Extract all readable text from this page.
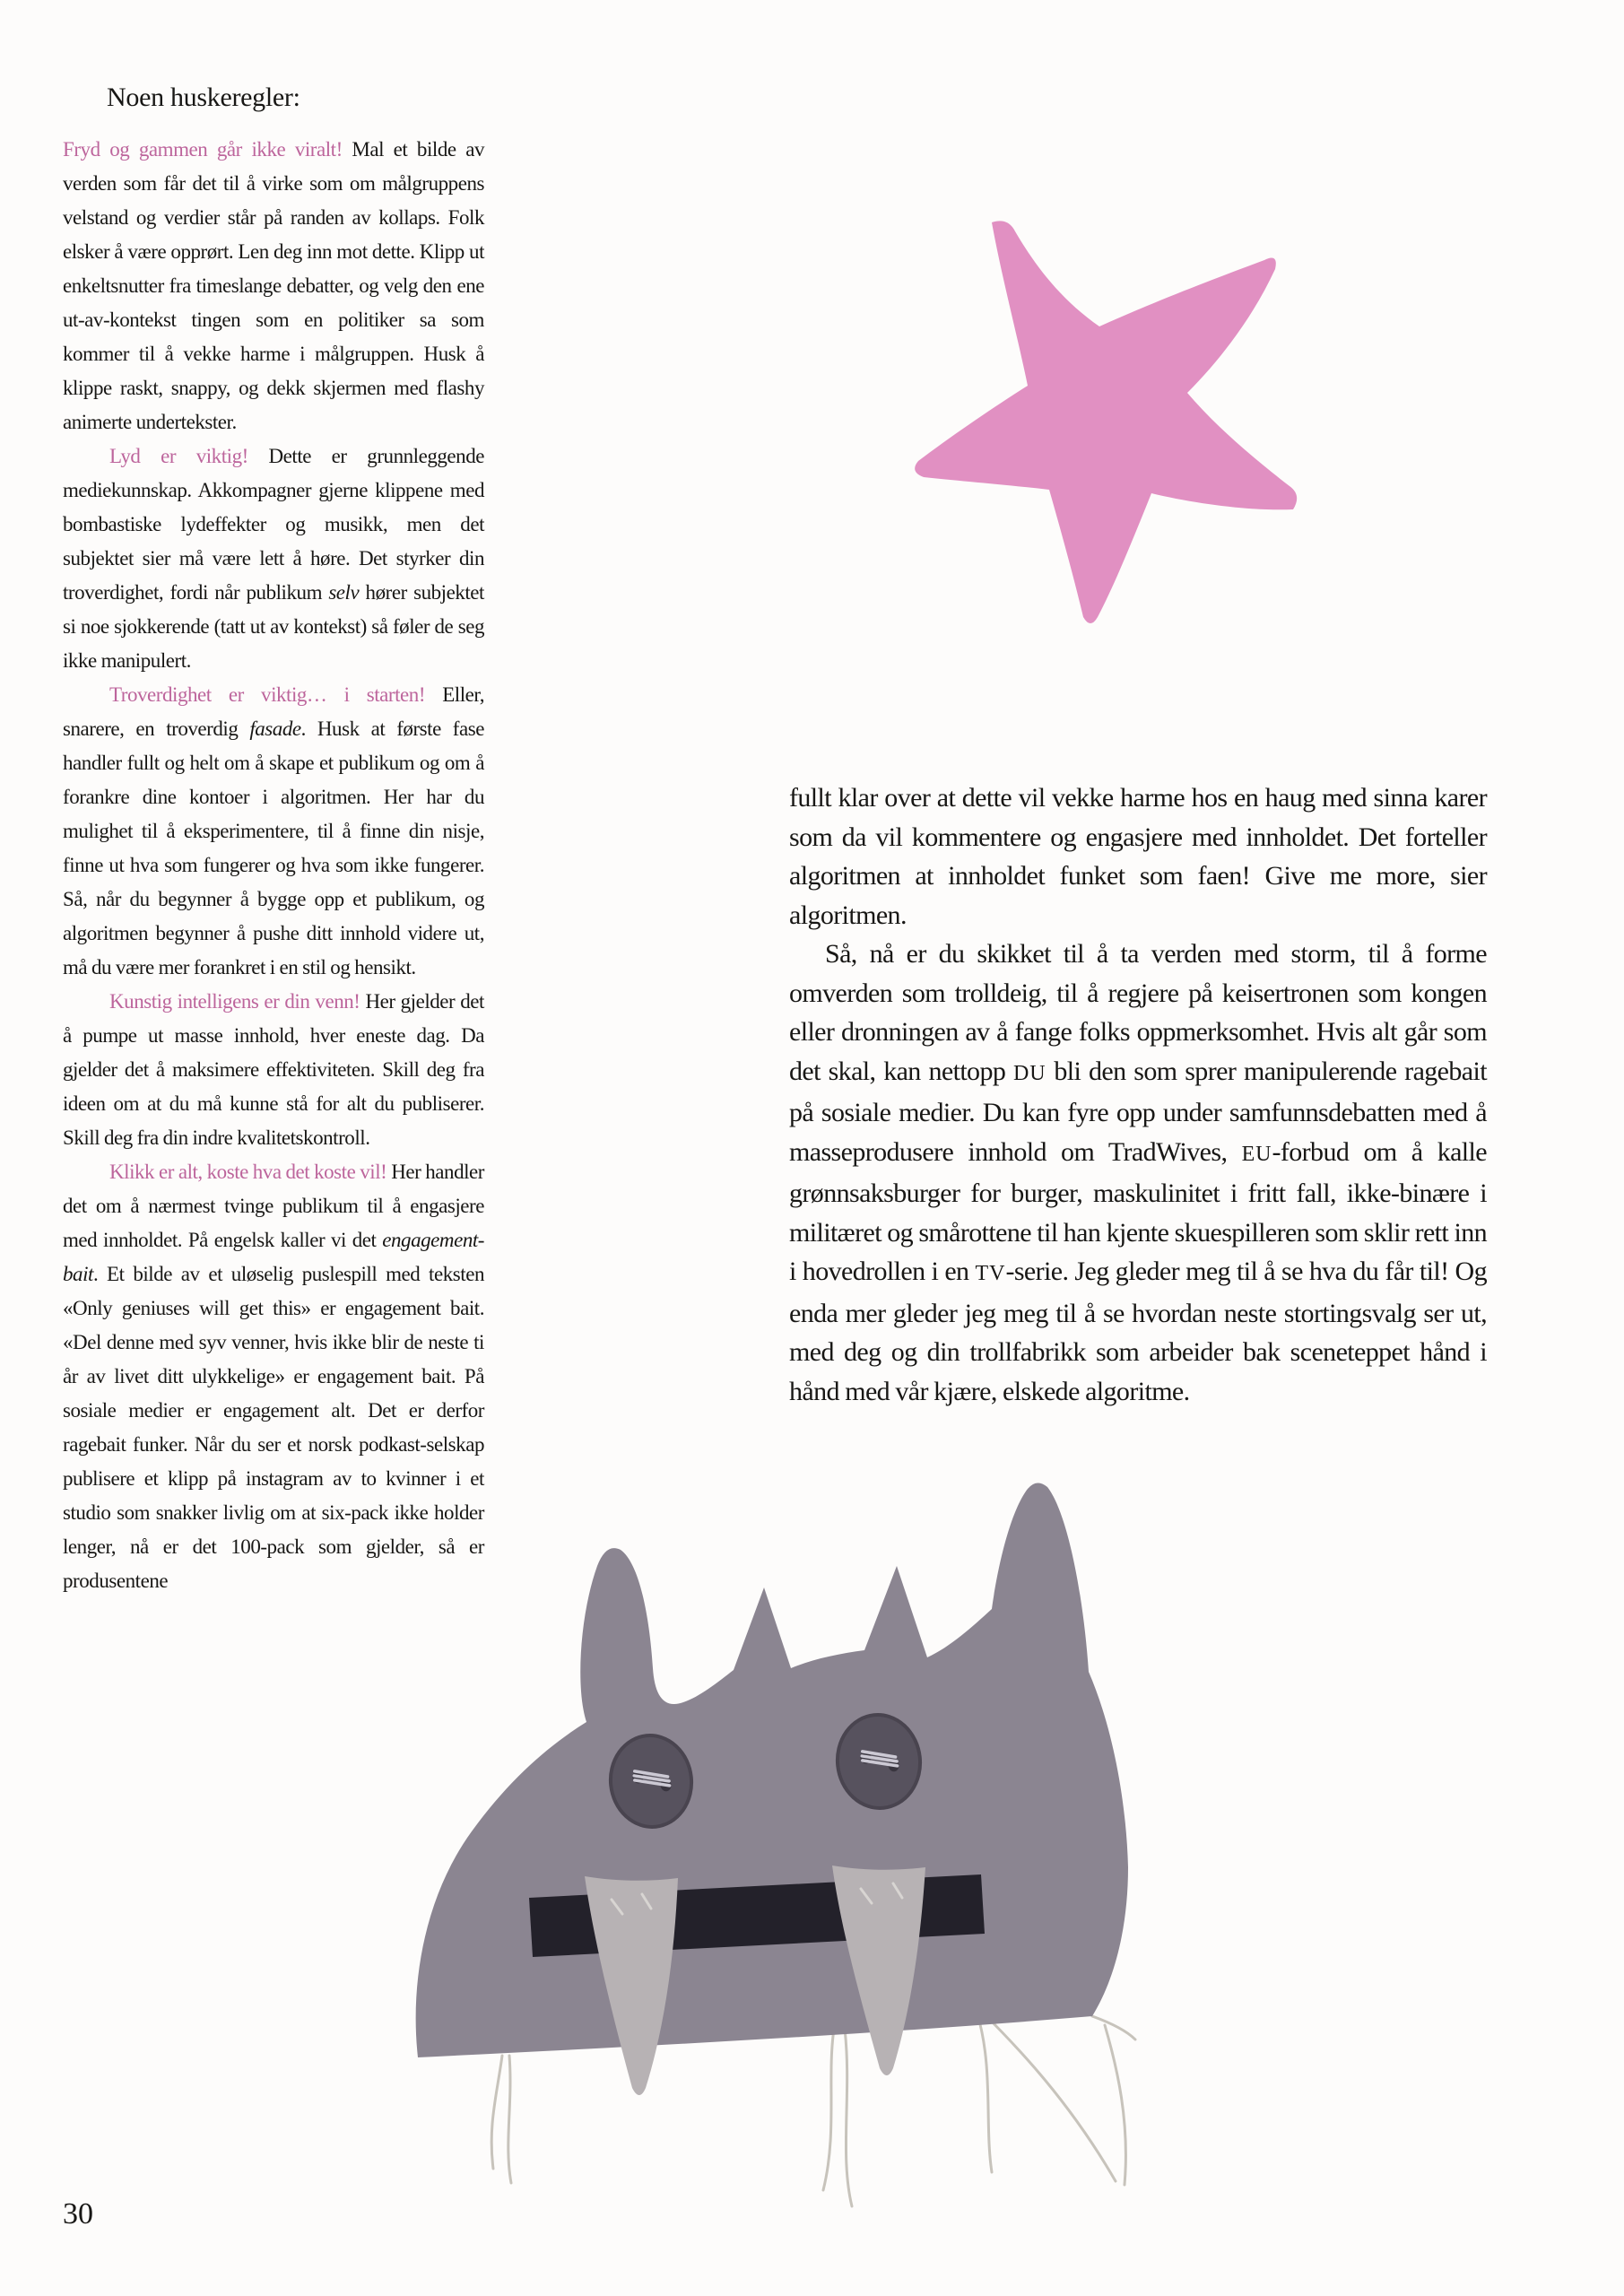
Noen huskeregler:

Fryd og gammen går ikke viralt! Mal et bilde av verden som får det til å virke som om målgruppens velstand og verdier står på randen av kollaps. Folk elsker å være opprørt. Len deg inn mot dette. Klipp ut enkeltsnutter fra timeslange debatter, og velg den ene ut-av-kontekst tingen som en politiker sa som kommer til å vekke harme i målgruppen. Husk å klippe raskt, snappy, og dekk skjermen med flashy animerte undertekster.

Lyd er viktig! Dette er grunnleggende mediekunnskap. Akkompagner gjerne klippene med bombastiske lydeffekter og musikk, men det subjektet sier må være lett å høre. Det styrker din troverdighet, fordi når publikum selv hører subjektet si noe sjokkerende (tatt ut av kontekst) så føler de seg ikke manipulert.

Troverdighet er viktig… i starten! Eller, snarere, en troverdig fasade. Husk at første fase handler fullt og helt om å skape et publikum og om å forankre dine kontoer i algoritmen. Her har du mulighet til å eksperimentere, til å finne din nisje, finne ut hva som fungerer og hva som ikke fungerer. Så, når du begynner å bygge opp et publikum, og algoritmen begynner å pushe ditt innhold videre ut, må du være mer forankret i en stil og hensikt.

Kunstig intelligens er din venn! Her gjelder det å pumpe ut masse innhold, hver eneste dag. Da gjelder det å maksimere effektiviteten. Skill deg fra ideen om at du må kunne stå for alt du publiserer. Skill deg fra din indre kvalitetskontroll.

Klikk er alt, koste hva det koste vil! Her handler det om å nærmest tvinge publikum til å engasjere med innholdet. På engelsk kaller vi det engagement-bait. Et bilde av et uløselig puslespill med teksten «Only geniuses will get this» er engagement bait. «Del denne med syv venner, hvis ikke blir de neste ti år av livet ditt ulykkelige» er engagement bait. På sosiale medier er engagement alt. Det er derfor ragebait funker. Når du ser et norsk podkast-selskap publisere et klipp på instagram av to kvinner i et studio som snakker livlig om at six-pack ikke holder lenger, nå er det 100-pack som gjelder, så er produsentene

fullt klar over at dette vil vekke harme hos en haug med sinna karer som da vil kommentere og engasjere med innholdet. Det forteller algoritmen at innholdet funket som faen! Give me more, sier algoritmen.

Så, nå er du skikket til å ta verden med storm, til å forme omverden som trolldeig, til å regjere på keisertronen som kongen eller dronningen av å fange folks oppmerksomhet. Hvis alt går som det skal, kan nettopp DU bli den som sprer manipulerende ragebait på sosiale medier. Du kan fyre opp under samfunnsdebatten med å masseprodusere innhold om TradWives, EU-forbud om å kalle grønnsaksburger for burger, maskulinitet i fritt fall, ikke-binære i militæret og smårottene til han kjente skuespilleren som sklir rett inn i hovedrollen i en TV-serie. Jeg gleder meg til å se hva du får til! Og enda mer gleder jeg meg til å se hvordan neste stortingsvalg ser ut, med deg og din trollfabrikk som arbeider bak sceneteppet hånd i hånd med vår kjære, elskede algoritme.

30
